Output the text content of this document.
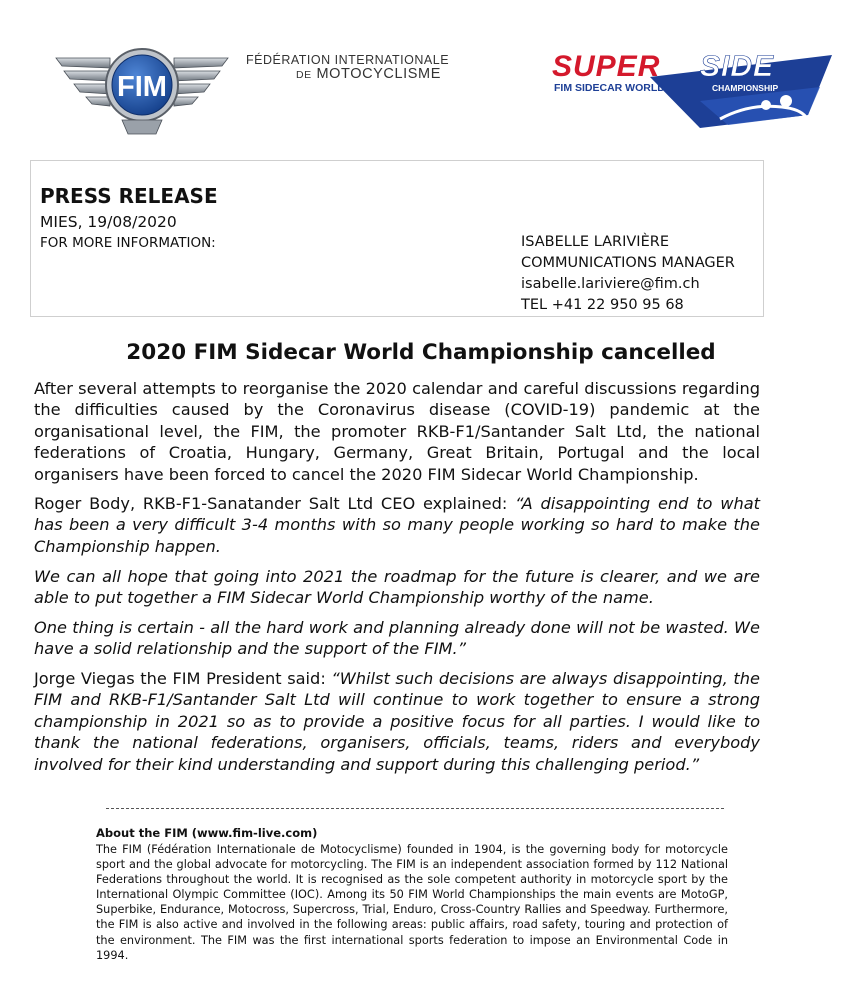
FIM
FÉDÉRATION INTERNATIONALE
DE MOTOCYCLISME	SUPER SIDE
FIM SIDECAR WORLD	CHAMPIONSHIP
PRESS RELEASE
MIES, 19/08/2020
FOR MORE INFORMATION:	ISABELLE LARIVIÈRE
COMMUNICATIONS MANAGER
isabelle.lariviere@fim.ch
TEL +41 22 950 95 68
2020 FIM Sidecar World Championship cancelled

After several attempts to reorganise the 2020 calendar and careful discussions regarding the difficulties caused by the Coronavirus disease (COVID-19) pandemic at the organisational level, the FIM, the promoter RKB-F1/Santander Salt Ltd, the national federations of Croatia, Hungary, Germany, Great Britain, Portugal and the local organisers have been forced to cancel the 2020 FIM Sidecar World Championship.

Roger Body, RKB-F1-Sanatander Salt Ltd CEO explained: “A disappointing end to what has been a very difficult 3-4 months with so many people working so hard to make the Championship happen.

We can all hope that going into 2021 the roadmap for the future is clearer, and we are able to put together a FIM Sidecar World Championship worthy of the name.

One thing is certain - all the hard work and planning already done will not be wasted. We have a solid relationship and the support of the FIM.”

Jorge Viegas the FIM President said: “Whilst such decisions are always disappointing, the FIM and RKB-F1/Santander Salt Ltd will continue to work together to ensure a strong championship in 2021 so as to provide a positive focus for all parties. I would like to thank the national federations, organisers, officials, teams, riders and everybody involved for their kind understanding and support during this challenging period.”

About the FIM (www.fim-live.com)

The FIM (Fédération Internationale de Motocyclisme) founded in 1904, is the governing body for motorcycle sport and the global advocate for motorcycling. The FIM is an independent association formed by 112 National Federations throughout the world. It is recognised as the sole competent authority in motorcycle sport by the International Olympic Committee (IOC). Among its 50 FIM World Championships the main events are MotoGP, Superbike, Endurance, Motocross, Supercross, Trial, Enduro, Cross-Country Rallies and Speedway. Furthermore, the FIM is also active and involved in the following areas: public affairs, road safety, touring and protection of the environment. The FIM was the first international sports federation to impose an Environmental Code in 1994.
